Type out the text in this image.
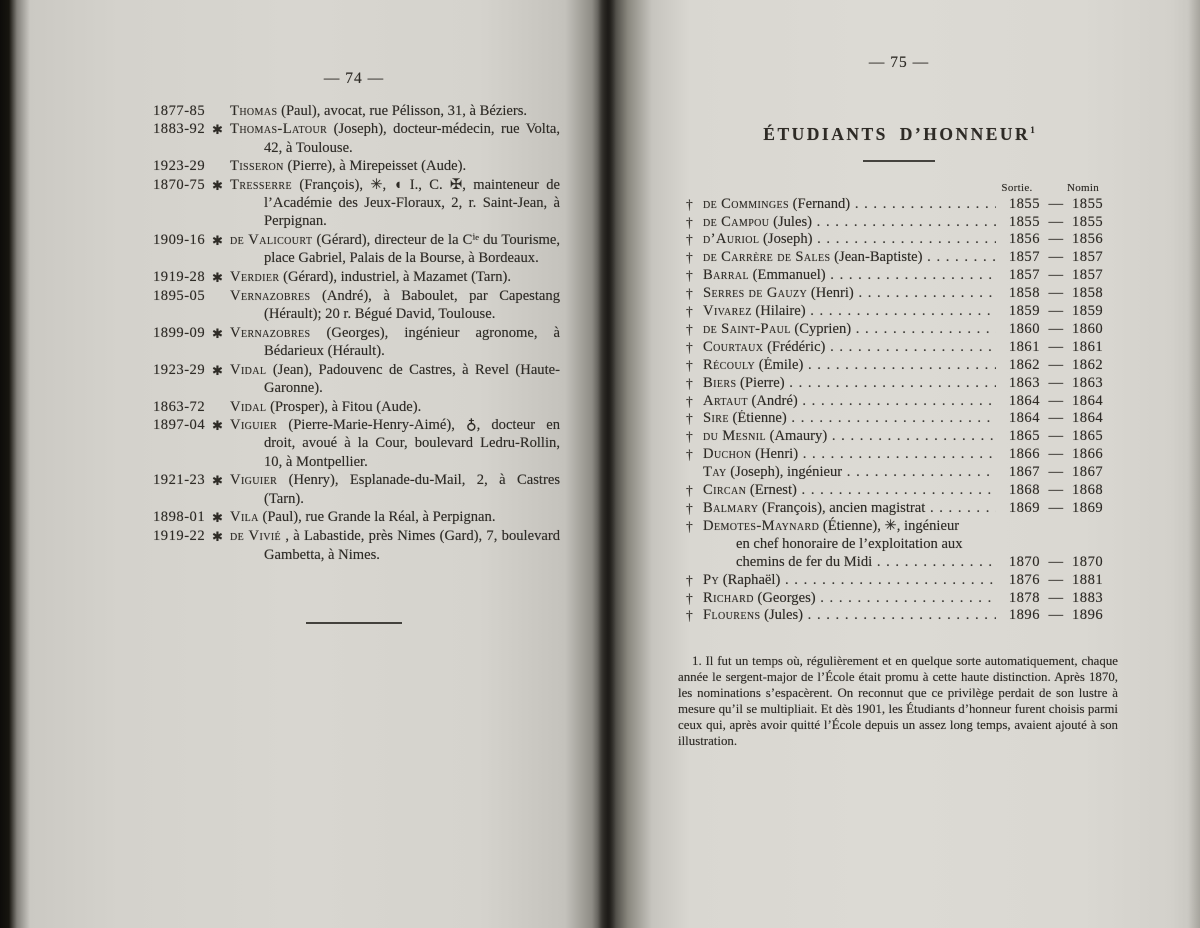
— 74 —
1877-85	Thomas (Paul), avocat, rue Pélisson, 31, à Béziers.
1883-92 ✱ Thomas-Latour (Joseph), docteur-médecin, rue Volta, 42, à Toulouse.
1923-29	Tisseron (Pierre), à Mirepeisset (Aude).
1870-75 ✱ Tresserre (François), ✳, ◖ I., C. ✠, mainteneur de l’Académie des Jeux-Floraux, 2, r. Saint-Jean, à Perpignan.
1909-16 ✱ de Valicourt (Gérard), directeur de la Cⁱᵉ du Tourisme, place Gabriel, Palais de la Bourse, à Bordeaux.
1919-28 ✱ Verdier (Gérard), industriel, à Mazamet (Tarn).
1895-05	Vernazobres (André), à Baboulet, par Capestang (Hérault); 20 r. Bégué David, Toulouse.
1899-09 ✱ Vernazobres (Georges), ingénieur agronome, à Bédarieux (Hérault).
1923-29 ✱ Vidal (Jean), Padouvenc de Castres, à Revel (Haute-Garonne).
1863-72	Vidal (Prosper), à Fitou (Aude).
1897-04 ✱ Viguier (Pierre-Marie-Henry-Aimé), ♁, docteur en droit, avoué à la Cour, boulevard Ledru-Rollin, 10, à Montpellier.
1921-23 ✱ Viguier (Henry), Esplanade-du-Mail, 2, à Castres (Tarn).
1898-01 ✱ Vila (Paul), rue Grande la Réal, à Perpignan.
1919-22 ✱ de Vivié , à Labastide, près Nimes (Gard), 7, boulevard Gambetta, à Nimes.
— 75 —
ÉTUDIANTS D’HONNEUR$^1$
Sortie.	Nomin
† de Comminges (Fernand) . . .	1855 — 1855
† de Campou (Jules) . . .	1855 — 1855
† d’Auriol (Joseph) . . .	1856 — 1856
† de Carrère de Sales (Jean-Baptiste) . . .	1857 — 1857
† Barral (Emmanuel) . . .	1857 — 1857
† Serres de Gauzy (Henri) . . .	1858 — 1858
† Vivarez (Hilaire) . . .	1859 — 1859
† de Saint-Paul (Cyprien) . . .	1860 — 1860
† Courtaux (Frédéric) . . .	1861 — 1861
† Récouly (Émile) . . .	1862 — 1862
† Biers (Pierre) . . .	1863 — 1863
† Artaut (André) . . .	1864 — 1864
† Sire (Étienne) . . .	1864 — 1864
† du Mesnil (Amaury) . . .	1865 — 1865
† Duchon (Henri) . . .	1866 — 1866
Tay (Joseph), ingénieur . . .	1867 — 1867
† Circan (Ernest) . . .	1868 — 1868
† Balmary (François), ancien magistrat . . .	1869 — 1869
† Demotes-Maynard (Étienne), ✳, ingénieur
en chef honoraire de l’exploitation aux
chemins de fer du Midi . . .	1870 — 1870
† Py (Raphaël) . . .	1876 — 1881
† Richard (Georges) . . .	1878 — 1883
† Flourens (Jules) . . .	1896 — 1896
1. Il fut un temps où, régulièrement et en quelque sorte automatiquement, chaque année le sergent-major de l’École était promu à cette haute distinction. Après 1870, les nominations s’espacèrent. On reconnut que ce privilège perdait de son lustre à mesure qu’il se multipliait. Et dès 1901, les Étudiants d’honneur furent choisis parmi ceux qui, après avoir quitté l’École depuis un assez long temps, avaient ajouté à son illustration.
